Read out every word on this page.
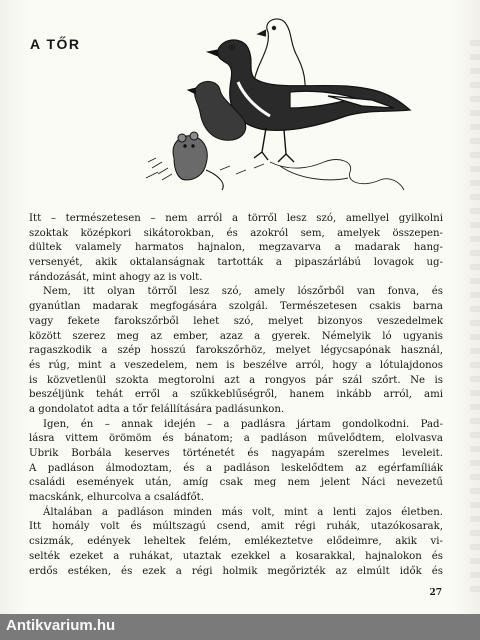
A TŐR
Itt – természetesen – nem arról a törről lesz szó, amellyel gyilkolni
szoktak középkori sikátorokban, és azokról sem, amelyek összepen-
dültek valamely harmatos hajnalon, megzavarva a madarak hang-
versenyét, akik oktalanságnak tartották a pipaszárlábú lovagok ug-
rándozását, mint ahogy az is volt.
Nem, itt olyan törről lesz szó, amely lószőrből van fonva, és
gyanútlan madarak megfogására szolgál. Természetesen csakis barna
vagy fekete farokszőrből lehet szó, melyet bizonyos veszedelmek
között szerez meg az ember, azaz a gyerek. Némelyik ló ugyanis
ragaszkodik a szép hosszú farokszőrhöz, melyet légycsapónak használ,
és rúg, mint a veszedelem, nem is beszélve arról, hogy a lótulajdonos
is közvetlenül szokta megtorolni azt a rongyos pár szál szőrt. Ne is
beszéljünk tehát erről a szűkkeblűségről, hanem inkább arról, ami
a gondolatot adta a tőr felállítására padlásunkon.
Igen, én – annak idején – a padlásra jártam gondolkodni. Pad-
lásra vittem örömöm és bánatom; a padláson művelődtem, elolvasva
Ubrik Borbála keserves történetét és nagyapám szerelmes leveleit.
A padláson álmodoztam, és a padláson leskelődtem az egérfamíliák
családi események után, amíg csak meg nem jelent Náci nevezetű
macskánk, elhurcolva a családfőt.
Általában a padláson minden más volt, mint a lenti zajos életben.
Itt homály volt és múltszagú csend, amit régi ruhák, utazókosarak,
csizmák, edények leheltek felém, emlékeztetve elődeimre, akik vi-
selték ezeket a ruhákat, utaztak ezekkel a kosarakkal, hajnalokon és
erdős estéken, és ezek a régi holmik megőrizték az elmúlt idők és
27
Antikvarium.hu
